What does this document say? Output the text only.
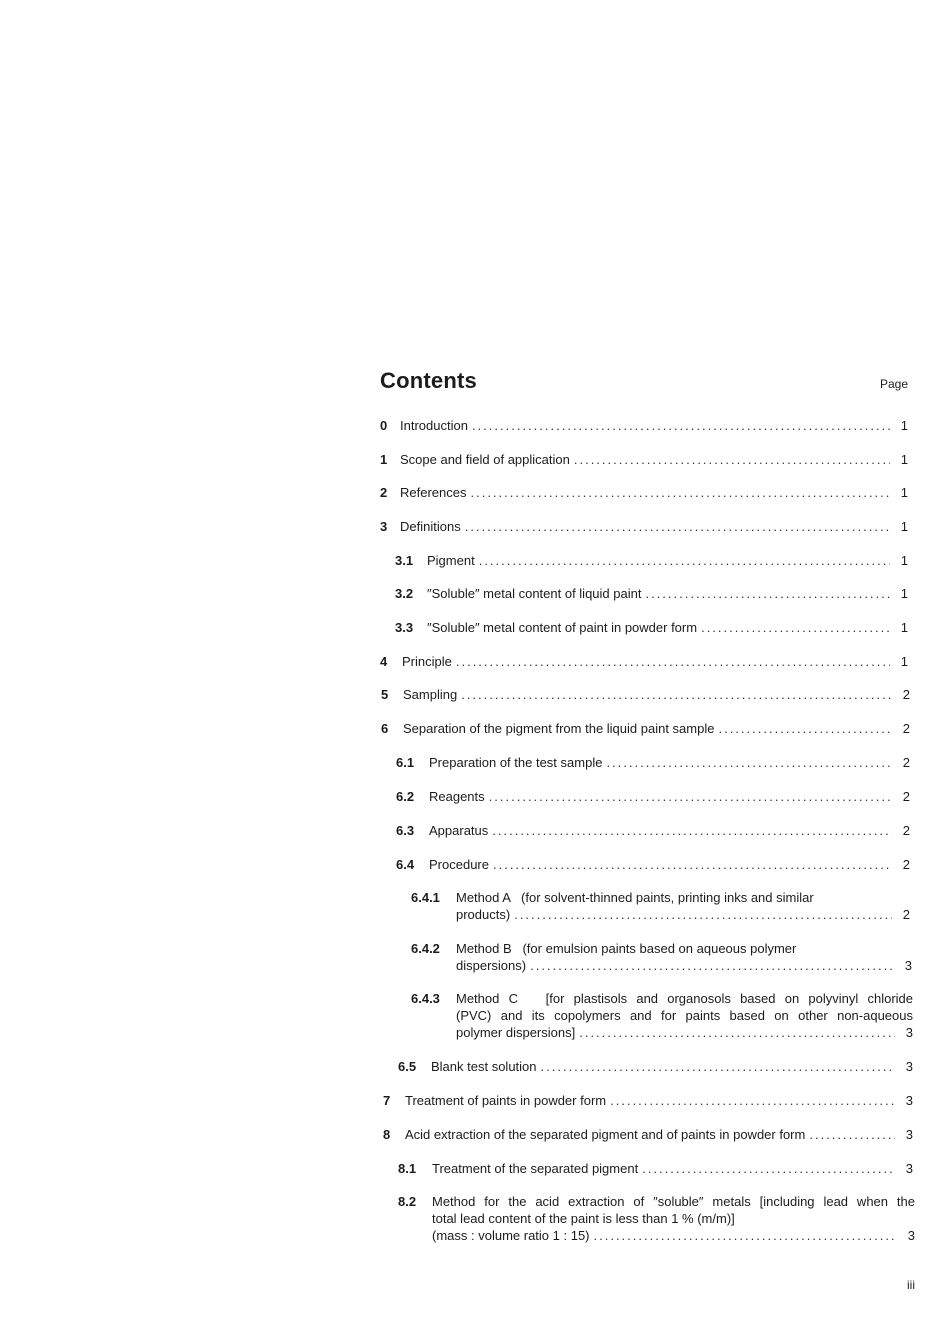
Contents	Page
0 Introduction .....	1
1 Scope and field of application .....	1
2 References .....	1
3 Definitions .....	1
3.1	Pigment .....	1
3.2	″Soluble″ metal content of liquid paint .....	1
3.3	″Soluble″ metal content of paint in powder form .....	1
4	Principle .....	1
5	Sampling .....	2
6	Separation of the pigment from the liquid paint sample .....	2
6.1	Preparation of the test sample .....	2
6.2	Reagents .....	2
6.3	Apparatus .....	2
6.4	Procedure .....	2
6.4.1	Method A   (for solvent-thinned paints, printing inks and similar
products) .....	2
6.4.2	Method B   (for emulsion paints based on aqueous polymer
dispersions) .....	3
6.4.3	Method C   [for plastisols and organosols based on polyvinyl chloride
(PVC) and its copolymers and for paints based on other non-aqueous
polymer dispersions] .....	3
6.5	Blank test solution .....	3
7	Treatment of paints in powder form .....	3
8	Acid extraction of the separated pigment and of paints in powder form .....	3
8.1	Treatment of the separated pigment .....	3
8.2	Method for the acid extraction of ″soluble″ metals [including lead when the
total lead content of the paint is less than 1 % (m/m)]
(mass : volume ratio 1 : 15) .....	3
iii
